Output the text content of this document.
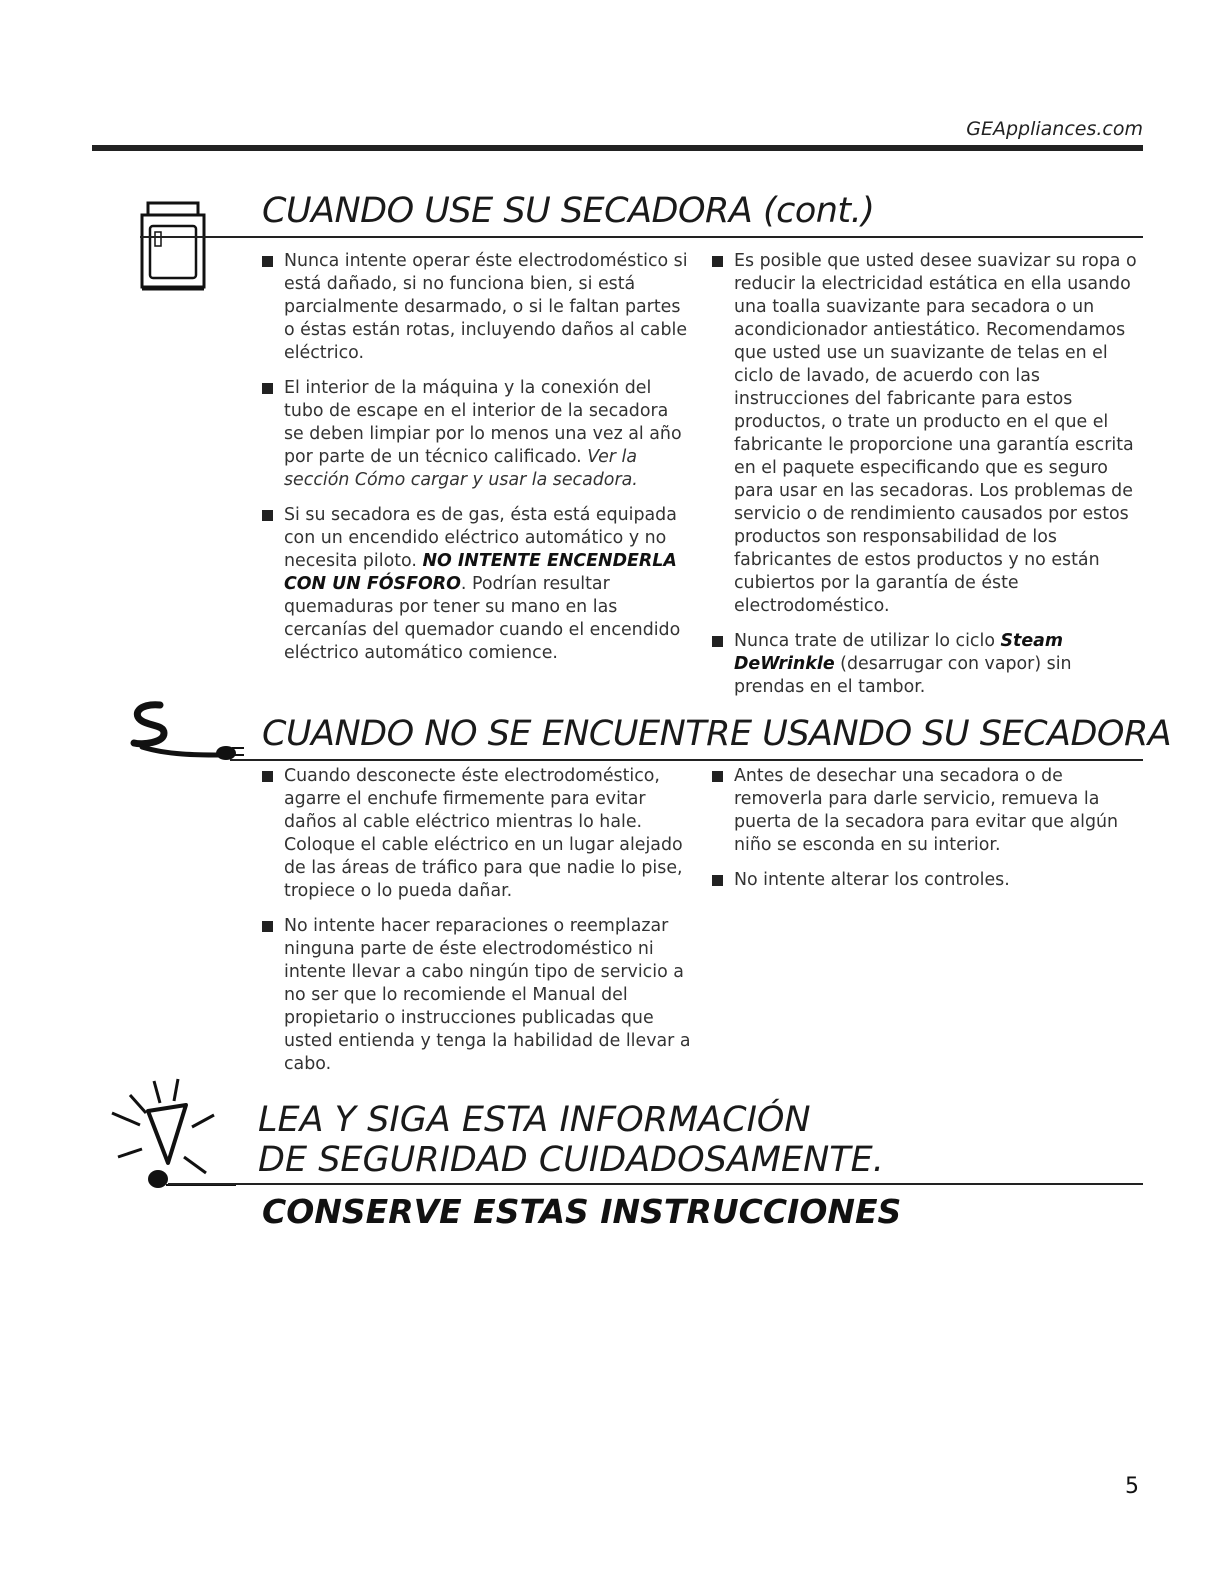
GEAppliances.com
CUANDO USE SU SECADORA (cont.)
Nunca intente operar éste electrodoméstico si está dañado, si no funciona bien, si está parcialmente desarmado, o si le faltan partes o éstas están rotas, incluyendo daños al cable eléctrico.
El interior de la máquina y la conexión del tubo de escape en el interior de la secadora se deben limpiar por lo menos una vez al año por parte de un técnico calificado. Ver la sección Cómo cargar y usar la secadora.
Si su secadora es de gas, ésta está equipada con un encendido eléctrico automático y no necesita piloto. NO INTENTE ENCENDERLA CON UN FÓSFORO. Podrían resultar quemaduras por tener su mano en las cercanías del quemador cuando el encendido eléctrico automático comience.
Es posible que usted desee suavizar su ropa o reducir la electricidad estática en ella usando una toalla suavizante para secadora o un acondicionador antiestático. Recomendamos que usted use un suavizante de telas en el ciclo de lavado, de acuerdo con las instrucciones del fabricante para estos productos, o trate un producto en el que el fabricante le proporcione una garantía escrita en el paquete especificando que es seguro para usar en las secadoras. Los problemas de servicio o de rendimiento causados por estos productos son responsabilidad de los fabricantes de estos productos y no están cubiertos por la garantía de éste electrodoméstico.
Nunca trate de utilizar lo ciclo Steam DeWrinkle (desarrugar con vapor) sin prendas en el tambor.
CUANDO NO SE ENCUENTRE USANDO SU SECADORA
Cuando desconecte éste electrodoméstico, agarre el enchufe firmemente para evitar daños al cable eléctrico mientras lo hale. Coloque el cable eléctrico en un lugar alejado de las áreas de tráfico para que nadie lo pise, tropiece o lo pueda dañar.
No intente hacer reparaciones o reemplazar ninguna parte de éste electrodoméstico ni intente llevar a cabo ningún tipo de servicio a no ser que lo recomiende el Manual del propietario o instrucciones publicadas que usted entienda y tenga la habilidad de llevar a cabo.
Antes de desechar una secadora o de removerla para darle servicio, remueva la puerta de la secadora para evitar que algún niño se esconda en su interior.
No intente alterar los controles.
LEA Y SIGA ESTA INFORMACIÓN
DE SEGURIDAD CUIDADOSAMENTE.
CONSERVE ESTAS INSTRUCCIONES
5
